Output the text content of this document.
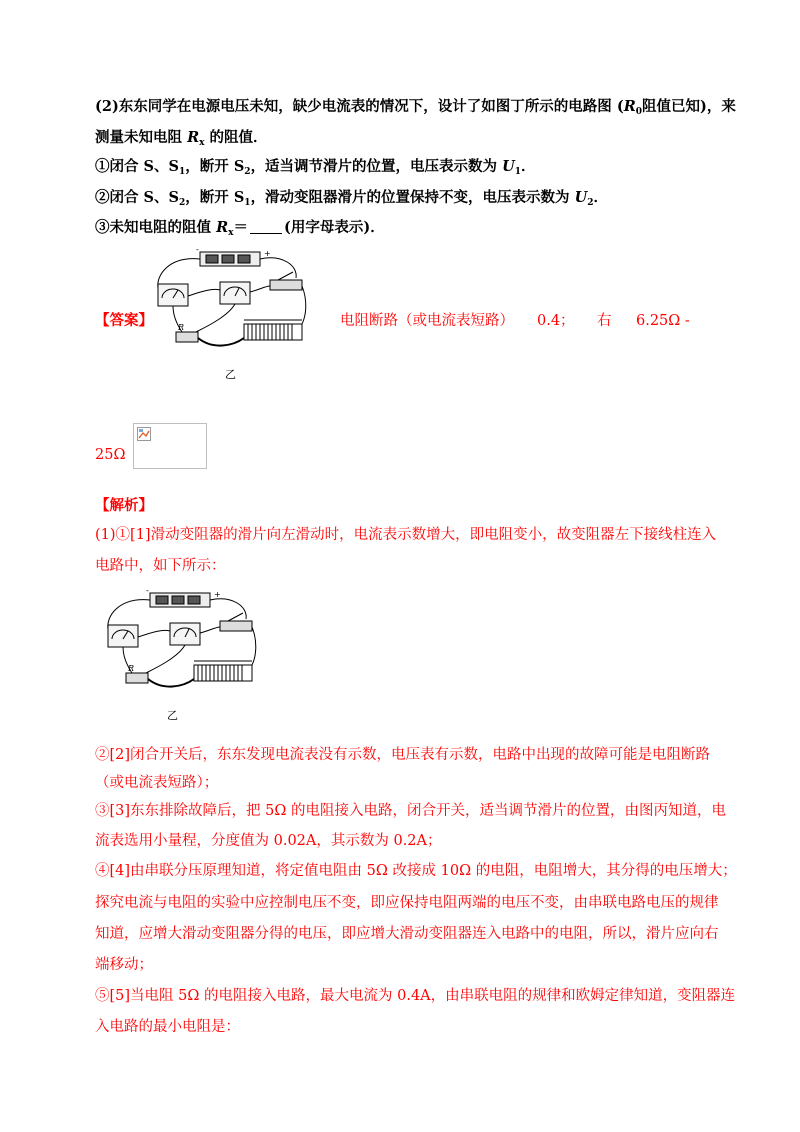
(2)东东同学在电源电压未知，缺少电流表的情况下，设计了如图丁所示的电路图 ($R_0$阻值已知)，来
测量未知电阻 $R_x$ 的阻值．
①闭合 S、$S_1$，断开 $S_2$，适当调节滑片的位置，电压表示数为 $U_1$．
②闭合 S、$S_2$，断开 $S_1$，滑动变阻器滑片的位置保持不变，电压表示数为 $U_2$．
③未知电阻的阻值 $R_x=$ (用字母表示)．
【答案】
-	+
R
乙
电阻断路（或电流表短路） 0.4； 右 6.25Ω -
25Ω
【解析】
(1)①[1]滑动变阻器的滑片向左滑动时，电流表示数增大，即电阻变小，故变阻器左下接线柱连入
电路中，如下所示：
-	+
R
乙
②[2]闭合开关后，东东发现电流表没有示数，电压表有示数，电路中出现的故障可能是电阻断路
（或电流表短路）；
③[3]东东排除故障后，把 5Ω 的电阻接入电路，闭合开关，适当调节滑片的位置，由图丙知道，电
流表选用小量程，分度值为 0.02A，其示数为 0.2A；
④[4]由串联分压原理知道，将定值电阻由 5Ω 改接成 10Ω 的电阻，电阻增大，其分得的电压增大；
探究电流与电阻的实验中应控制电压不变，即应保持电阻两端的电压不变，由串联电路电压的规律
知道，应增大滑动变阻器分得的电压，即应增大滑动变阻器连入电路中的电阻，所以，滑片应向右
端移动；
⑤[5]当电阻 5Ω 的电阻接入电路，最大电流为 0.4A，由串联电阻的规律和欧姆定律知道，变阻器连
入电路的最小电阻是：
